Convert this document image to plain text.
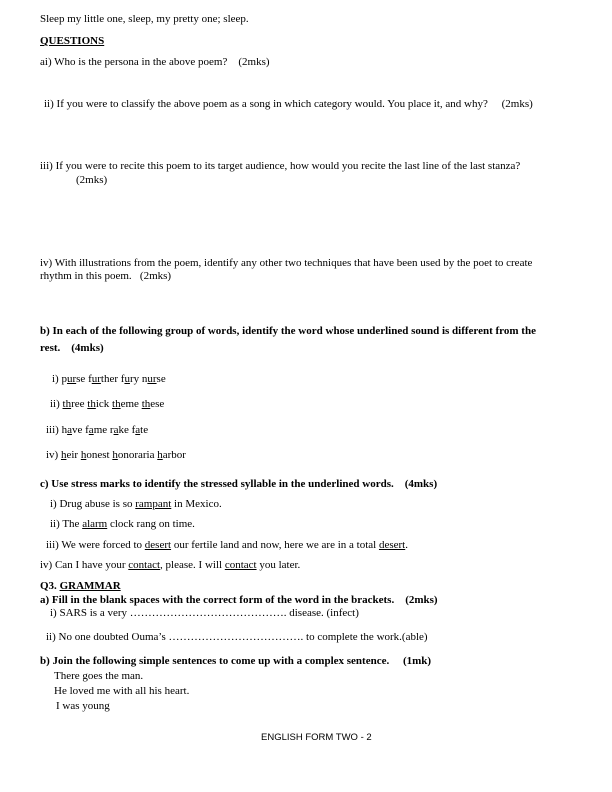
Sleep my little one, sleep, my pretty one; sleep.
QUESTIONS
ai) Who is the persona in the above poem? (2mks)
ii) If you were to classify the above poem as a song in which category would. You place it, and why? (2mks)
iii) If you were to recite this poem to its target audience, how would you recite the last line of the last stanza?
(2mks)
iv) With illustrations from the poem, identify any other two techniques that have been used by the poet to create
rhythm in this poem. (2mks)
b) In each of the following group of words, identify the word whose underlined sound is different from the
rest. (4mks)
i) purse further fury nurse
ii) three thick theme these
iii) have fame rake fate
iv) heir honest honoraria harbor
c) Use stress marks to identify the stressed syllable in the underlined words. (4mks)
i) Drug abuse is so rampant in Mexico.
ii) The alarm clock rang on time.
iii) We were forced to desert our fertile land and now, here we are in a total desert.
iv) Can I have your contact, please. I will contact you later.
Q3. GRAMMAR
a) Fill in the blank spaces with the correct form of the word in the brackets. (2mks)
i) SARS is a very ……………………………………. disease. (infect)
ii) No one doubted Ouma’s ………………………………. to complete the work.(able)
b) Join the following simple sentences to come up with a complex sentence. (1mk)
There goes the man.
He loved me with all his heart.
I was young
ENGLISH FORM TWO - 2
